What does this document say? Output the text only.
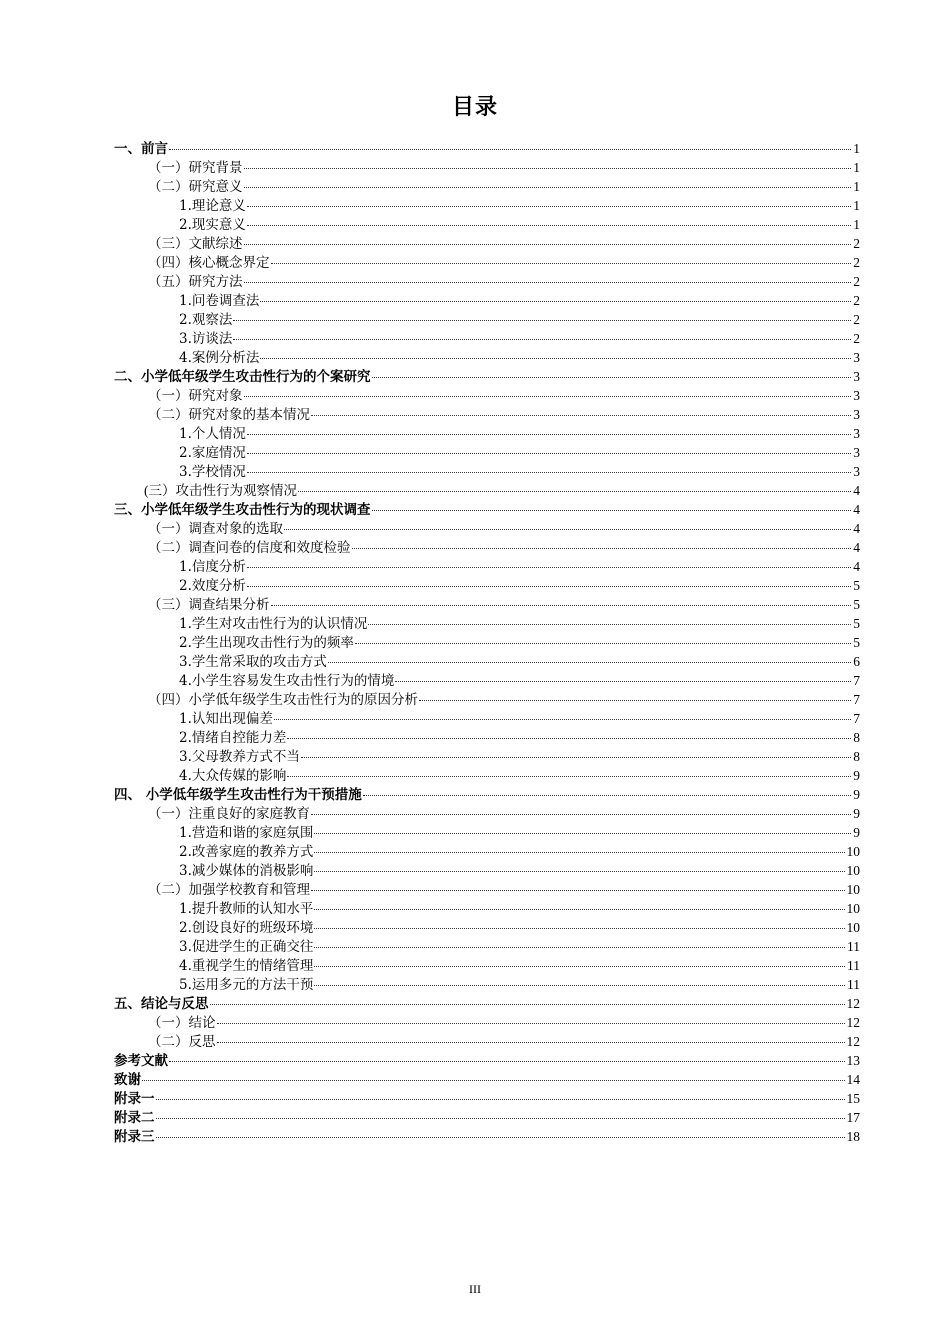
目录
一、前言	1
（一）研究背景	1
（二）研究意义	1
1.理论意义	1
2.现实意义	1
（三）文献综述	2
（四）核心概念界定	2
（五）研究方法	2
1.问卷调查法	2
2.观察法	2
3.访谈法	2
4.案例分析法	3
二、小学低年级学生攻击性行为的个案研究	3
（一）研究对象	3
（二）研究对象的基本情况	3
1.个人情况	3
2.家庭情况	3
3.学校情况	3
(三）攻击性行为观察情况	4
三、小学低年级学生攻击性行为的现状调查	4
（一）调查对象的选取	4
（二）调查问卷的信度和效度检验	4
1.信度分析	4
2.效度分析	5
（三）调查结果分析	5
1.学生对攻击性行为的认识情况	5
2.学生出现攻击性行为的频率	5
3.学生常采取的攻击方式	6
4.小学生容易发生攻击性行为的情境	7
（四）小学低年级学生攻击性行为的原因分析	7
1.认知出现偏差	7
2.情绪自控能力差	8
3.父母教养方式不当	8
4.大众传媒的影响	9
四、 小学低年级学生攻击性行为干预措施	9
（一）注重良好的家庭教育	9
1.营造和谐的家庭氛围	9
2.改善家庭的教养方式	10
3.减少媒体的消极影响	10
（二）加强学校教育和管理	10
1.提升教师的认知水平	10
2.创设良好的班级环境	10
3.促进学生的正确交往	11
4.重视学生的情绪管理	11
5.运用多元的方法干预	11
五、结论与反思	12
（一）结论	12
（二）反思	12
参考文献	13
致谢	14
附录一	15
附录二	17
附录三	18
III
